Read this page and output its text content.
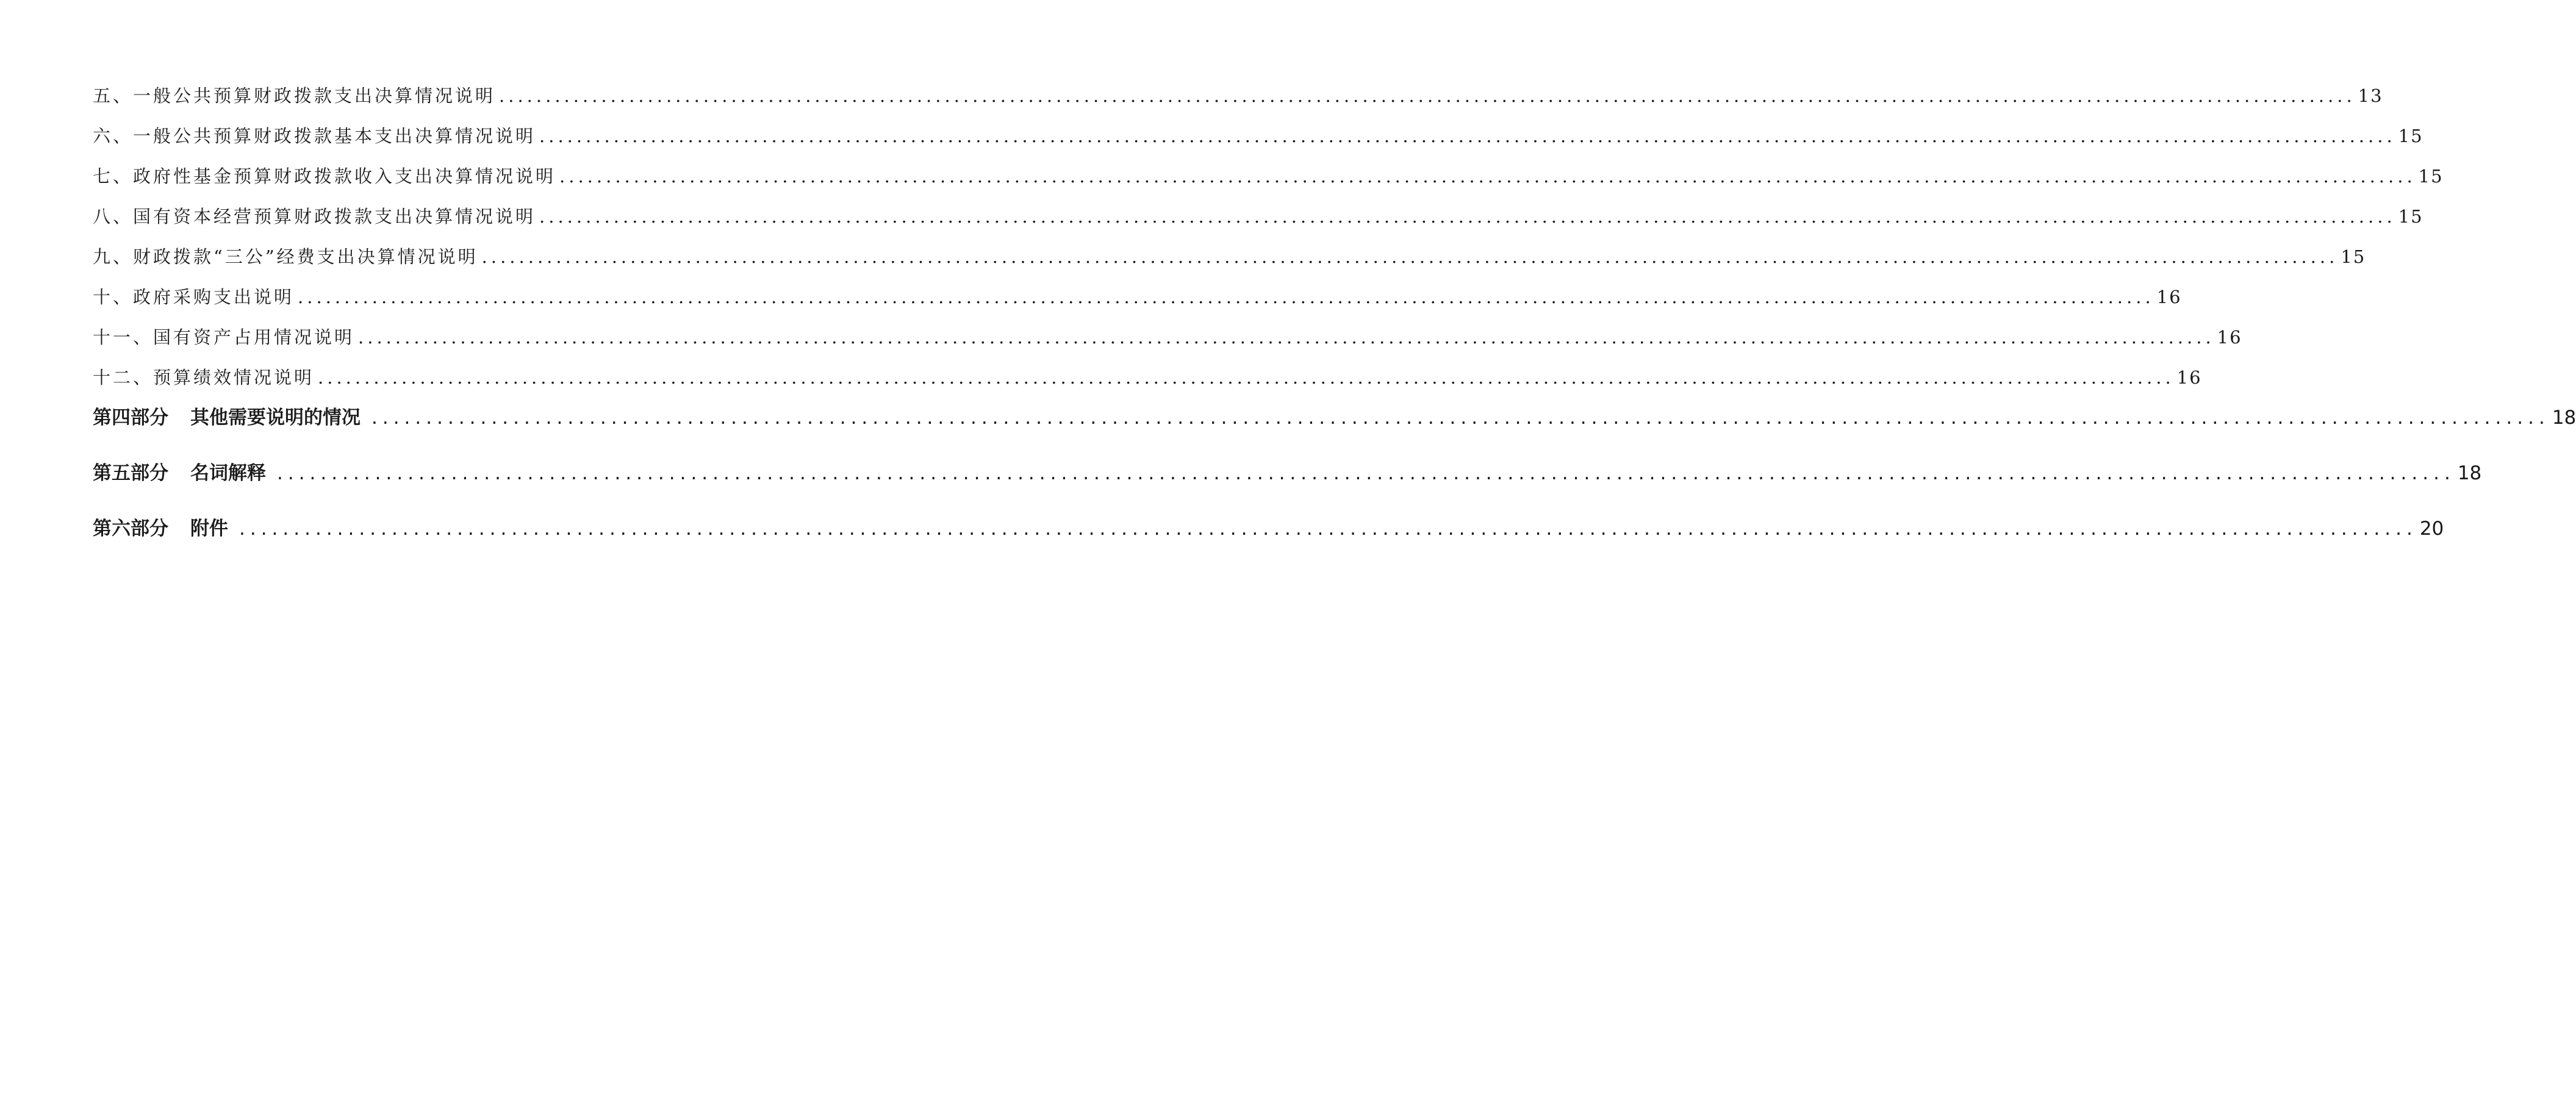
五、一般公共预算财政拨款支出决算情况说明 ........................................................................................................................................................................................................ 13
六、一般公共预算财政拨款基本支出决算情况说明 ........................................................................................................................................................................................................ 15
七、政府性基金预算财政拨款收入支出决算情况说明 ........................................................................................................................................................................................................ 15
八、国有资本经营预算财政拨款支出决算情况说明 ........................................................................................................................................................................................................ 15
九、财政拨款“三公”经费支出决算情况说明 ........................................................................................................................................................................................................ 15
十、政府采购支出说明 ........................................................................................................................................................................................................ 16
十一、国有资产占用情况说明 ........................................................................................................................................................................................................ 16
十二、预算绩效情况说明 ........................................................................................................................................................................................................ 16
第四部分 其他需要说明的情况 ........................................................................................................................................................................................................ 18
第五部分 名词解释 ........................................................................................................................................................................................................ 18
第六部分 附件 ........................................................................................................................................................................................................ 20
